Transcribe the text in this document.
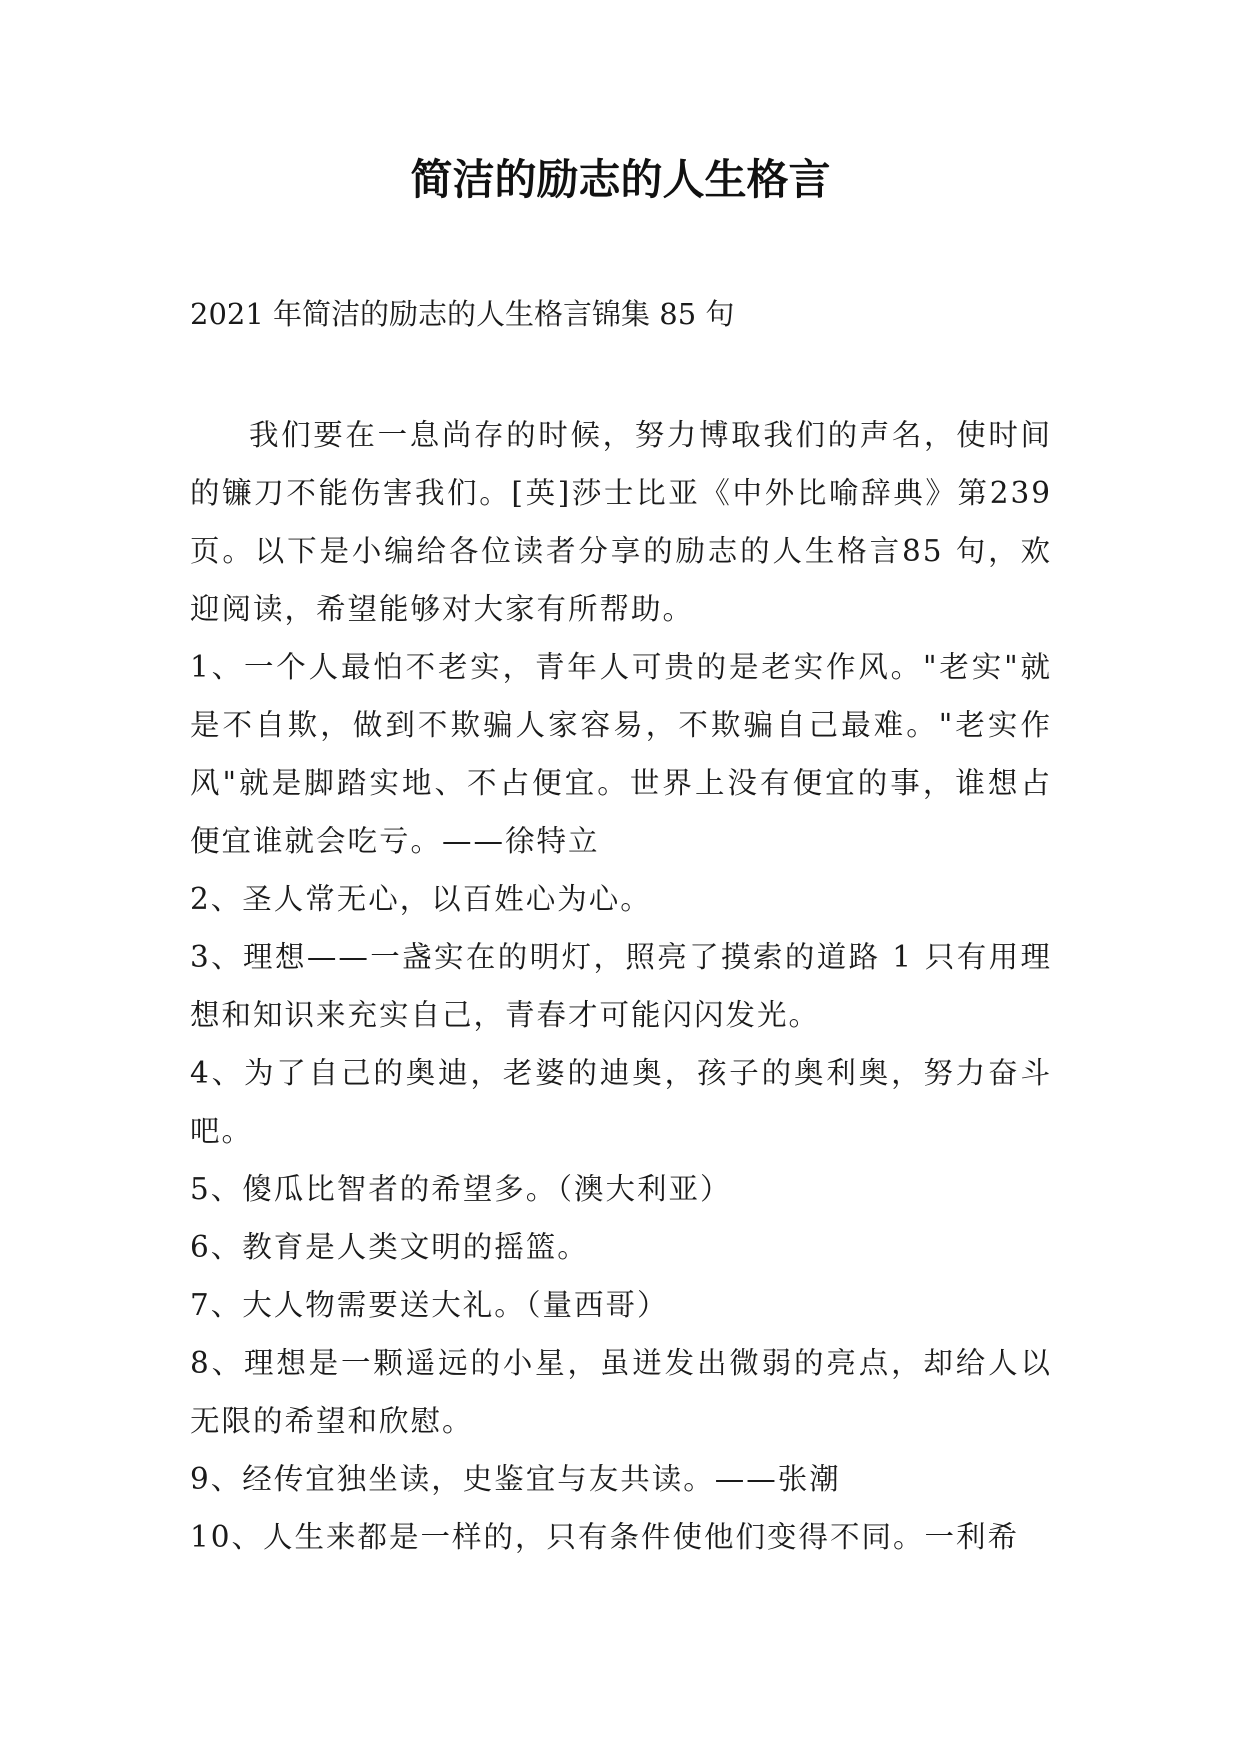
简洁的励志的人生格言
2021 年简洁的励志的人生格言锦集 85 句

我们要在一息尚存的时候，努力博取我们的声名，使时间的镰刀不能伤害我们。[英]莎士比亚《中外比喻辞典》第239 页。以下是小编给各位读者分享的励志的人生格言85 句，欢迎阅读，希望能够对大家有所帮助。

1、一个人最怕不老实，青年人可贵的是老实作风。"老实"就是不自欺，做到不欺骗人家容易，不欺骗自己最难。"老实作风"就是脚踏实地、不占便宜。世界上没有便宜的事，谁想占便宜谁就会吃亏。——徐特立

2、圣人常无心，以百姓心为心。

3、理想——一盏实在的明灯，照亮了摸索的道路 1 只有用理想和知识来充实自己，青春才可能闪闪发光。

4、为了自己的奥迪，老婆的迪奥，孩子的奥利奥，努力奋斗吧。

5、傻瓜比智者的希望多。（澳大利亚）

6、教育是人类文明的摇篮。

7、大人物需要送大礼。（量西哥）

8、理想是一颗遥远的小星，虽迸发出微弱的亮点，却给人以无限的希望和欣慰。

9、经传宜独坐读，史鉴宜与友共读。——张潮

10、人生来都是一样的，只有条件使他们变得不同。一利希
